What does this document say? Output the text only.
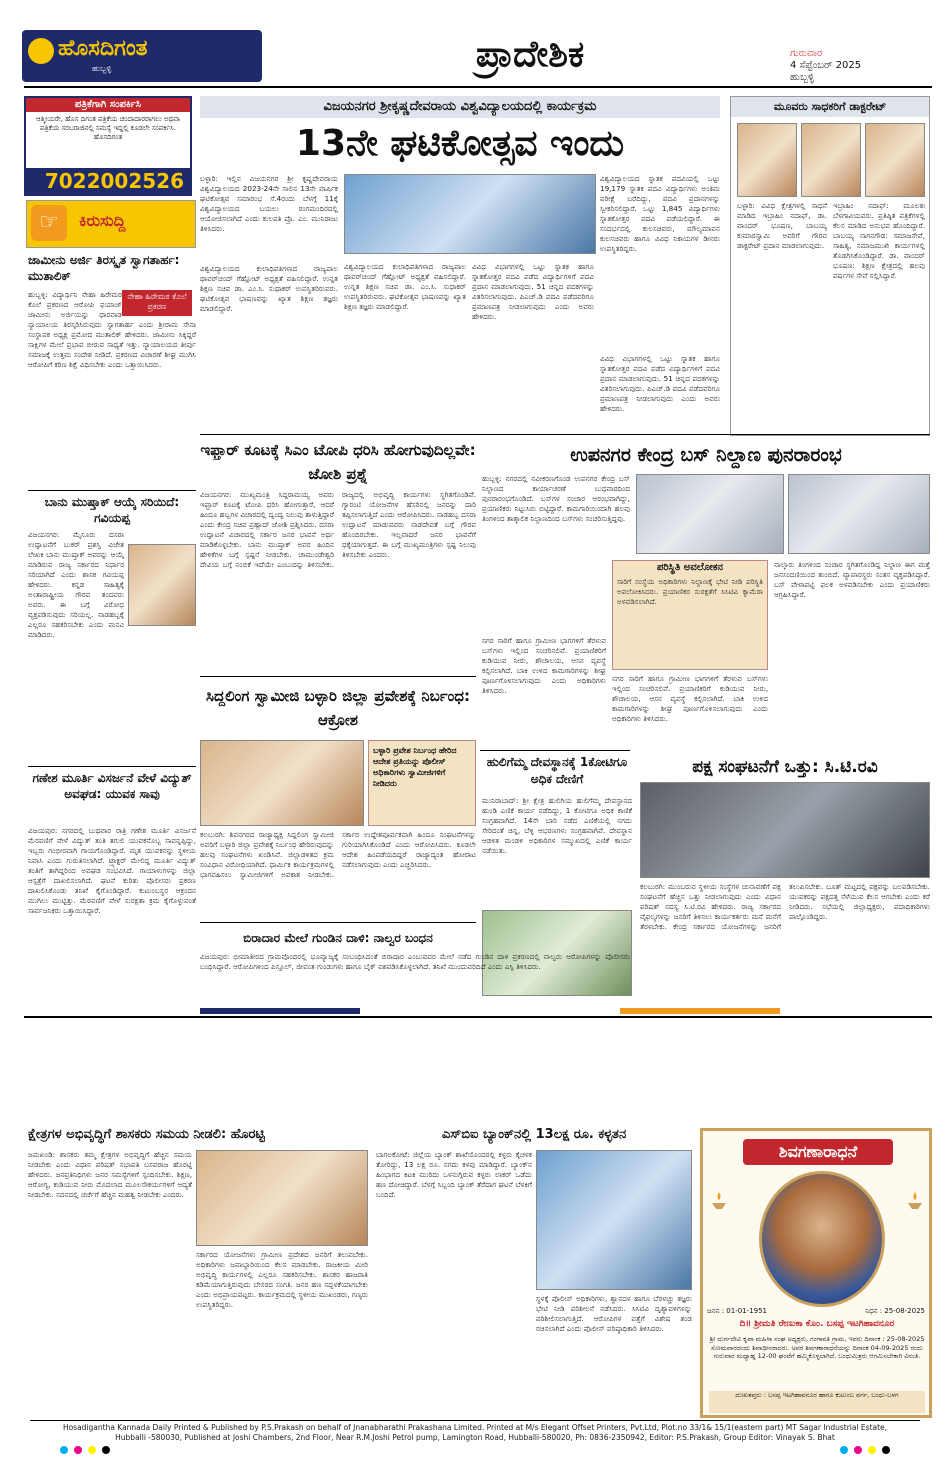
ಹೊಸದಿಗಂತ
ಹುಬ್ಬಳ್ಳಿ	ಪ್ರಾದೇಶಿಕ	ಗುರುವಾರ
4 ಸೆಪ್ಟೆಂಬರ್ 2025
ಹುಬ್ಬಳ್ಳಿ
ಪತ್ರಿಕೆಗಾಗಿ ಸಂಪರ್ಕಿಸಿ
ಆತ್ಮೀಯರೇ, ಹೊಸ ದಿಗಂತ ಪತ್ರಿಕೆಯ ಚಂದಾದಾರರಾಗಲು ಅಥವಾ ಪತ್ರಿಕೆಯ ಸರಬರಾಜಿನಲ್ಲಿ ಸಮಸ್ಯೆ ಇದ್ದಲ್ಲಿ ಕೂಡಲೇ ಸಂಪರ್ಕಿಸಿ. ಹೊಸದಿಗಂತ
7022002526
☞	ಕಿರುಸುದ್ದಿ
ಜಾಮೀನು ಅರ್ಜಿ ತಿರಸ್ಕೃತ ಸ್ವಾಗತಾರ್ಹ: ಮುತಾಲಿಕ್
ನೇಹಾ ಹಿರೇಮಠ ಕೊಲೆ ಪ್ರಕರಣ
ಹುಬ್ಬಳ್ಳಿ: ವಿದ್ಯಾರ್ಥಿನಿ ನೇಹಾ ಹಿರೇಮಠ ಕೊಲೆ ಪ್ರಕರಣದ ಆರೋಪಿ ಫಯಾಜ್ ಜಾಮೀನು ಅರ್ಜಿಯನ್ನು ಧಾರವಾಡ ನ್ಯಾಯಾಲಯ ತಿರಸ್ಕರಿಸಿರುವುದು ಸ್ವಾಗತಾರ್ಹ ಎಂದು ಶ್ರೀರಾಮ ಸೇನಾ ಸಂಸ್ಥಾಪಕ ಅಧ್ಯಕ್ಷ ಪ್ರಮೋದ ಮುತಾಲಿಕ್ ಹೇಳಿದರು. ಜಾಮೀನು ಸಿಕ್ಕಿದ್ದರೆ ಸಾಕ್ಷಿಗಳ ಮೇಲೆ ಪ್ರಭಾವ ಬೀರುವ ಸಾಧ್ಯತೆ ಇತ್ತು. ನ್ಯಾಯಾಲಯದ ತೀರ್ಪು ಸಮಾಜಕ್ಕೆ ಉತ್ತಮ ಸಂದೇಶ ನೀಡಿದೆ. ಪ್ರಕರಣದ ವಿಚಾರಣೆ ಶೀಘ್ರ ಮುಗಿಸಿ ಆರೋಪಿಗೆ ಕಠಿಣ ಶಿಕ್ಷೆ ವಿಧಿಸಬೇಕು ಎಂದು ಒತ್ತಾಯಿಸಿದರು.
ಬಾನು ಮುಷ್ತಾಕ್ ಆಯ್ಕೆ ಸರಿಯಿದೆ: ಗವಿಯಪ್ಪ
ವಿಜಯನಗರ: ಮೈಸೂರು ದಸರಾ ಉದ್ಘಾಟನೆಗೆ ಬುಕರ್ ಪ್ರಶಸ್ತಿ ವಿಜೇತ ಲೇಖಕಿ ಬಾನು ಮುಷ್ತಾಕ್ ಅವರನ್ನು ಆಯ್ಕೆ ಮಾಡಿರುವ ರಾಜ್ಯ ಸರ್ಕಾರದ ನಿರ್ಧಾರ ಸರಿಯಾಗಿದೆ ಎಂದು ಶಾಸಕ ಗವಿಯಪ್ಪ ಹೇಳಿದರು. ಕನ್ನಡ ಸಾಹಿತ್ಯಕ್ಕೆ ಅಂತಾರಾಷ್ಟ್ರೀಯ ಗೌರವ ತಂದವರು ಅವರು. ಈ ಬಗ್ಗೆ ವಿರೋಧ ವ್ಯಕ್ತಪಡಿಸುವುದು ಸರಿಯಲ್ಲ. ನಾಡಹಬ್ಬಕ್ಕೆ ಎಲ್ಲರೂ ಸಹಕರಿಸಬೇಕು ಎಂದು ಮನವಿ ಮಾಡಿದರು.
ಗಣೇಶ ಮೂರ್ತಿ ವಿಸರ್ಜನೆ ವೇಳೆ ವಿದ್ಯುತ್ ಅವಘಡ: ಯುವಕ ಸಾವು
ವಿಜಯಪುರ: ನಗರದಲ್ಲಿ ಬುಧವಾರ ರಾತ್ರಿ ಗಣೇಶ ಮೂರ್ತಿ ವಿಸರ್ಜನೆ ಮೆರವಣಿಗೆ ವೇಳೆ ವಿದ್ಯುತ್ ತಂತಿ ತಗುಲಿ ಯುವಕನೊಬ್ಬ ಸಾವನ್ನಪ್ಪಿದ್ದು, ಇಬ್ಬರು ಗಂಭೀರವಾಗಿ ಗಾಯಗೊಂಡಿದ್ದಾರೆ. ಮೃತ ಯುವಕನನ್ನು ಸ್ಥಳೀಯ ನಿವಾಸಿ ಎಂದು ಗುರುತಿಸಲಾಗಿದೆ. ಟ್ರ್ಯಾಕ್ಟರ್ ಮೇಲಿದ್ದ ಮೂರ್ತಿ ವಿದ್ಯುತ್ ತಂತಿಗೆ ತಾಗಿದ್ದರಿಂದ ಅವಘಡ ಸಂಭವಿಸಿದೆ. ಗಾಯಾಳುಗಳನ್ನು ಜಿಲ್ಲಾ ಆಸ್ಪತ್ರೆಗೆ ದಾಖಲಿಸಲಾಗಿದೆ. ಘಟನೆ ಕುರಿತು ಪೊಲೀಸರು ಪ್ರಕರಣ ದಾಖಲಿಸಿಕೊಂಡು ತನಿಖೆ ಕೈಗೊಂಡಿದ್ದಾರೆ. ಕುಟುಂಬಸ್ಥರ ಆಕ್ರಂದನ ಮುಗಿಲು ಮುಟ್ಟಿತ್ತು. ಮೆರವಣಿಗೆ ವೇಳೆ ಸುರಕ್ಷತಾ ಕ್ರಮ ಕೈಗೊಳ್ಳುವಂತೆ ಸಾರ್ವಜನಿಕರು ಒತ್ತಾಯಿಸಿದ್ದಾರೆ.
ವಿಜಯನಗರ ಶ್ರೀಕೃಷ್ಣದೇವರಾಯ ವಿಶ್ವವಿದ್ಯಾಲಯದಲ್ಲಿ ಕಾರ್ಯಕ್ರಮ
13ನೇ ಘಟಿಕೋತ್ಸವ ಇಂದು
ಬಳ್ಳಾರಿ: ಇಲ್ಲಿನ ವಿಜಯನಗರ ಶ್ರೀ ಕೃಷ್ಣದೇವರಾಯ ವಿಶ್ವವಿದ್ಯಾಲಯದ 2023-24ನೇ ಸಾಲಿನ 13ನೇ ವಾರ್ಷಿಕ ಘಟಿಕೋತ್ಸವ ಸಮಾರಂಭ ಸೆ.4ರಂದು ಬೆಳಗ್ಗೆ 11ಕ್ಕೆ ವಿಶ್ವವಿದ್ಯಾಲಯದ ಬಯಲು ರಂಗಮಂದಿರದಲ್ಲಿ ಆಯೋಜಿಸಲಾಗಿದೆ ಎಂದು ಕುಲಪತಿ ಪ್ರೊ. ಎಂ. ಮುನಿರಾಜು ತಿಳಿಸಿದರು.
ವಿಶ್ವವಿದ್ಯಾಲಯದ ಸ್ನಾತಕ ಪದವಿಯಲ್ಲಿ ಒಟ್ಟು 19,179 ಸ್ನಾತಕ ಪದವಿ ವಿದ್ಯಾರ್ಥಿಗಳು ಅಂತಿಮ ಪರೀಕ್ಷೆ ಬರೆದಿದ್ದು, ಪದವಿ ಪ್ರದಾನಗಳನ್ನು ಸ್ವೀಕರಿಸಲಿದ್ದಾರೆ. ಒಟ್ಟು 1,845 ವಿದ್ಯಾರ್ಥಿಗಳು ಸ್ನಾತಕೋತ್ತರ ಪದವಿ ಪಡೆಯಲಿದ್ದಾರೆ. ಈ ಸಂದರ್ಭದಲ್ಲಿ ಕುಲಸಚಿವರು, ಮೌಲ್ಯಮಾಪನ ಕುಲಸಚಿವರು ಹಾಗೂ ವಿವಿಧ ನಿಕಾಯಗಳ ಡೀನರು ಉಪಸ್ಥಿತರಿದ್ದರು.
ವಿಶ್ವವಿದ್ಯಾಲಯದ ಕುಲಾಧಿಪತಿಗಳಾದ ರಾಜ್ಯಪಾಲ ಥಾವರ್‌ಚಂದ್ ಗೆಹ್ಲೋಟ್ ಅಧ್ಯಕ್ಷತೆ ವಹಿಸಲಿದ್ದಾರೆ. ಉನ್ನತ ಶಿಕ್ಷಣ ಸಚಿವ ಡಾ. ಎಂ.ಸಿ. ಸುಧಾಕರ್ ಉಪಸ್ಥಿತರಿರುವರು. ಘಟಿಕೋತ್ಸವ ಭಾಷಣವನ್ನು ಖ್ಯಾತ ಶಿಕ್ಷಣ ತಜ್ಞರು ಮಾಡಲಿದ್ದಾರೆ.
ವಿಶ್ವವಿದ್ಯಾಲಯದ ಕುಲಾಧಿಪತಿಗಳಾದ ರಾಜ್ಯಪಾಲ ಥಾವರ್‌ಚಂದ್ ಗೆಹ್ಲೋಟ್ ಅಧ್ಯಕ್ಷತೆ ವಹಿಸಲಿದ್ದಾರೆ. ಉನ್ನತ ಶಿಕ್ಷಣ ಸಚಿವ ಡಾ. ಎಂ.ಸಿ. ಸುಧಾಕರ್ ಉಪಸ್ಥಿತರಿರುವರು. ಘಟಿಕೋತ್ಸವ ಭಾಷಣವನ್ನು ಖ್ಯಾತ ಶಿಕ್ಷಣ ತಜ್ಞರು ಮಾಡಲಿದ್ದಾರೆ.
ವಿವಿಧ ವಿಭಾಗಗಳಲ್ಲಿ ಒಟ್ಟು ಸ್ನಾತಕ ಹಾಗೂ ಸ್ನಾತಕೋತ್ತರ ಪದವಿ ಪಡೆದ ವಿದ್ಯಾರ್ಥಿಗಳಿಗೆ ಪದವಿ ಪ್ರದಾನ ಮಾಡಲಾಗುವುದು. 51 ಚಿನ್ನದ ಪದಕಗಳನ್ನು ವಿತರಿಸಲಾಗುವುದು. ಪಿಎಚ್.ಡಿ ಪದವಿ ಪಡೆದವರಿಗೂ ಪ್ರಮಾಣಪತ್ರ ನೀಡಲಾಗುವುದು ಎಂದು ಅವರು ಹೇಳಿದರು.
ವಿವಿಧ ವಿಭಾಗಗಳಲ್ಲಿ ಒಟ್ಟು ಸ್ನಾತಕ ಹಾಗೂ ಸ್ನಾತಕೋತ್ತರ ಪದವಿ ಪಡೆದ ವಿದ್ಯಾರ್ಥಿಗಳಿಗೆ ಪದವಿ ಪ್ರದಾನ ಮಾಡಲಾಗುವುದು. 51 ಚಿನ್ನದ ಪದಕಗಳನ್ನು ವಿತರಿಸಲಾಗುವುದು. ಪಿಎಚ್.ಡಿ ಪದವಿ ಪಡೆದವರಿಗೂ ಪ್ರಮಾಣಪತ್ರ ನೀಡಲಾಗುವುದು ಎಂದು ಅವರು ಹೇಳಿದರು.
ಮೂವರು ಸಾಧಕರಿಗೆ ಡಾಕ್ಟರೇಟ್
ಬಳ್ಳಾರಿ: ವಿವಿಧ ಕ್ಷೇತ್ರಗಳಲ್ಲಿ ಸಾಧನೆ ಮಾಡಿದ ಇಬ್ರಾಹಿಂ ನದಾಫ್, ಡಾ. ವಾಂದರ್ ಭೂಷಣ, ಬಾಬಯ್ಯ ಕುಮಾರಸ್ವಾಮಿ ಅವರಿಗೆ ಗೌರವ ಡಾಕ್ಟರೇಟ್ ಪ್ರದಾನ ಮಾಡಲಾಗುವುದು.
ಇಬ್ರಾಹಿಂ ನದಾಫ್: ಮೂಲತಃ ಬೆಳಗಾವಿಯವರು. ಪ್ರತಿಷ್ಠಿತ ಪತ್ರಿಕೆಗಳಲ್ಲಿ ಕೆಲಸ ಮಾಡಿದ ಅನುಭವ ಹೊಂದಿದ್ದಾರೆ. ಬಾಬಯ್ಯ ನಾಗನಗೌಡ: ಸಮಾಜಸೇವೆ, ಸಾಹಿತ್ಯ, ಸಮಾಜಮುಖಿ ಕಾರ್ಯಗಳಲ್ಲಿ ತೊಡಗಿಸಿಕೊಂಡಿದ್ದಾರೆ. ಡಾ. ವಾಂದರ್ ಭೂಷಣ: ಶಿಕ್ಷಣ ಕ್ಷೇತ್ರದಲ್ಲಿ ಹಲವು ವರ್ಷಗಳ ಸೇವೆ ಸಲ್ಲಿಸಿದ್ದಾರೆ.
ಇಫ್ತಾರ್ ಕೂಟಕ್ಕೆ ಸಿಎಂ ಟೋಪಿ ಧರಿಸಿ ಹೋಗುವುದಿಲ್ಲವೇ: ಜೋಶಿ ಪ್ರಶ್ನೆ
ವಿಜಯನಗರ: ಮುಖ್ಯಮಂತ್ರಿ ಸಿದ್ದರಾಮಯ್ಯ ಅವರು ಇಫ್ತಾರ್ ಕೂಟಕ್ಕೆ ಟೋಪಿ ಧರಿಸಿ ಹೋಗುತ್ತಾರೆ, ಆದರೆ ಹಿಂದೂ ಹಬ್ಬಗಳ ವಿಚಾರದಲ್ಲಿ ದ್ವಂದ್ವ ನಿಲುವು ತಾಳುತ್ತಿದ್ದಾರೆ ಎಂದು ಕೇಂದ್ರ ಸಚಿವ ಪ್ರಹ್ಲಾದ್ ಜೋಶಿ ಪ್ರಶ್ನಿಸಿದರು. ದಸರಾ ಉದ್ಘಾಟನೆ ವಿಚಾರದಲ್ಲಿ ಸರ್ಕಾರ ಜನರ ಭಾವನೆ ಅರ್ಥ ಮಾಡಿಕೊಳ್ಳಬೇಕು. ಬಾನು ಮುಷ್ತಾಕ್ ಅವರ ಹಿಂದಿನ ಹೇಳಿಕೆಗಳ ಬಗ್ಗೆ ಸ್ಪಷ್ಟನೆ ನೀಡಬೇಕು. ಚಾಮುಂಡೇಶ್ವರಿ ದೇವಿಯ ಬಗ್ಗೆ ನಂಬಿಕೆ ಇದೆಯೇ ಎಂಬುದನ್ನು ತಿಳಿಸಬೇಕು. ರಾಜ್ಯದಲ್ಲಿ ಅಭಿವೃದ್ಧಿ ಕಾರ್ಯಗಳು ಸ್ಥಗಿತಗೊಂಡಿವೆ. ಗ್ಯಾರಂಟಿ ಯೋಜನೆಗಳ ಹೆಸರಿನಲ್ಲಿ ಜನರನ್ನು ದಾರಿ ತಪ್ಪಿಸಲಾಗುತ್ತಿದೆ ಎಂದು ಆರೋಪಿಸಿದರು. ನಾಡಹಬ್ಬ ದಸರಾ ಉದ್ಘಾಟನೆ ಮಾಡುವವರು ನಾಡದೇವತೆ ಬಗ್ಗೆ ಗೌರವ ಹೊಂದಿರಬೇಕು. ಇಲ್ಲವಾದರೆ ಜನರ ಭಾವನೆಗೆ ಧಕ್ಕೆಯಾಗುತ್ತದೆ. ಈ ಬಗ್ಗೆ ಮುಖ್ಯಮಂತ್ರಿಗಳು ಸ್ಪಷ್ಟ ನಿಲುವು ತಿಳಿಸಬೇಕು ಎಂದರು.
ಉಪನಗರ ಕೇಂದ್ರ ಬಸ್ ನಿಲ್ದಾಣ ಪುನರಾರಂಭ
ಹುಬ್ಬಳ್ಳಿ: ನಗರದಲ್ಲಿ ನವೀಕರಣಗೊಂಡ ಉಪನಗರ ಕೇಂದ್ರ ಬಸ್ ನಿಲ್ದಾಣದ ಕಾರ್ಯಾಚರಣೆ ಬುಧವಾರದಿಂದ ಪುನರಾರಂಭಗೊಂಡಿದೆ. ಬಸ್‌ಗಳ ಸಂಚಾರ ಆರಂಭವಾಗಿದ್ದು, ಪ್ರಯಾಣಿಕರು ನಿಟ್ಟುಸಿರು ಬಿಟ್ಟಿದ್ದಾರೆ. ಕಾಮಗಾರಿಯಿಂದಾಗಿ ಹಲವು ತಿಂಗಳಿಂದ ತಾತ್ಕಾಲಿಕ ನಿಲ್ದಾಣದಿಂದ ಬಸ್‌ಗಳು ಸಂಚರಿಸುತ್ತಿದ್ದವು.
ಪರಿಸ್ಥಿತಿ ಅವಲೋಕನ
ಸಾರಿಗೆ ಸಂಸ್ಥೆಯ ಅಧಿಕಾರಿಗಳು ನಿಲ್ದಾಣಕ್ಕೆ ಭೇಟಿ ನೀಡಿ ಪರಿಸ್ಥಿತಿ ಅವಲೋಕಿಸಿದರು. ಪ್ರಯಾಣಿಕರ ಸುರಕ್ಷತೆಗೆ ಸಿಸಿಟಿವಿ ಕ್ಯಾಮೆರಾ ಅಳವಡಿಸಲಾಗಿದೆ.
ನಗರ ಸಾರಿಗೆ ಹಾಗೂ ಗ್ರಾಮೀಣ ಭಾಗಗಳಿಗೆ ತೆರಳುವ ಬಸ್‌ಗಳು ಇಲ್ಲಿಂದ ಸಂಚರಿಸಲಿವೆ. ಪ್ರಯಾಣಿಕರಿಗೆ ಕುಡಿಯುವ ನೀರು, ಶೌಚಾಲಯ, ಆಸನ ವ್ಯವಸ್ಥೆ ಕಲ್ಪಿಸಲಾಗಿದೆ. ಬಾಕಿ ಉಳಿದ ಕಾಮಗಾರಿಗಳನ್ನು ಶೀಘ್ರ ಪೂರ್ಣಗೊಳಿಸಲಾಗುವುದು ಎಂದು ಅಧಿಕಾರಿಗಳು ತಿಳಿಸಿದರು.
ನಗರ ಸಾರಿಗೆ ಹಾಗೂ ಗ್ರಾಮೀಣ ಭಾಗಗಳಿಗೆ ತೆರಳುವ ಬಸ್‌ಗಳು ಇಲ್ಲಿಂದ ಸಂಚರಿಸಲಿವೆ. ಪ್ರಯಾಣಿಕರಿಗೆ ಕುಡಿಯುವ ನೀರು, ಶೌಚಾಲಯ, ಆಸನ ವ್ಯವಸ್ಥೆ ಕಲ್ಪಿಸಲಾಗಿದೆ. ಬಾಕಿ ಉಳಿದ ಕಾಮಗಾರಿಗಳನ್ನು ಶೀಘ್ರ ಪೂರ್ಣಗೊಳಿಸಲಾಗುವುದು ಎಂದು ಅಧಿಕಾರಿಗಳು ತಿಳಿಸಿದರು.
ನಾಲ್ಕಾರು ತಿಂಗಳಿಂದ ಸಂಚಾರ ಸ್ಥಗಿತಗೊಂಡಿದ್ದ ನಿಲ್ದಾಣ ಈಗ ಮತ್ತೆ ಜನಸಂದಣಿಯಿಂದ ತುಂಬಿದೆ. ವ್ಯಾಪಾರಸ್ಥರು ಸಂತಸ ವ್ಯಕ್ತಪಡಿಸಿದ್ದಾರೆ. ಬಸ್ ವೇಳಾಪಟ್ಟಿ ಫಲಕ ಅಳವಡಿಸಬೇಕು ಎಂದು ಪ್ರಯಾಣಿಕರು ಆಗ್ರಹಿಸಿದ್ದಾರೆ.
ಸಿದ್ದಲಿಂಗ ಸ್ವಾಮೀಜಿ ಬಳ್ಳಾರಿ ಜಿಲ್ಲಾ ಪ್ರವೇಶಕ್ಕೆ ನಿರ್ಬಂಧ: ಆಕ್ರೋಶ
ಬಳ್ಳಾರಿ ಪ್ರವೇಶ ನಿರ್ಬಂಧ ಹೇರಿದ ಆದೇಶ ಪ್ರತಿಯನ್ನು ಪೊಲೀಸ್ ಅಧಿಕಾರಿಗಳು ಸ್ವಾಮೀಜಿಗಳಿಗೆ ನೀಡಿದರು
ಕಲಬುರಗಿ: ಶಿವನಗರದ ರಾಜ್ಯಾಧ್ಯಕ್ಷ ಸಿದ್ದಲಿಂಗ ಸ್ವಾಮೀಜಿ ಅವರಿಗೆ ಬಳ್ಳಾರಿ ಜಿಲ್ಲಾ ಪ್ರವೇಶಕ್ಕೆ ನಿರ್ಬಂಧ ಹೇರಿರುವುದನ್ನು ಹಲವು ಸಂಘಟನೆಗಳು ಖಂಡಿಸಿವೆ. ಜಿಲ್ಲಾಡಳಿತದ ಕ್ರಮ ಸಂವಿಧಾನ ವಿರೋಧಿಯಾಗಿದೆ. ಧಾರ್ಮಿಕ ಕಾರ್ಯಕ್ರಮಗಳಲ್ಲಿ ಭಾಗವಹಿಸಲು ಸ್ವಾಮೀಜಿಗಳಿಗೆ ಅವಕಾಶ ನೀಡಬೇಕು. ಸರ್ಕಾರ ಉದ್ದೇಶಪೂರ್ವಕವಾಗಿ ಹಿಂದೂ ಸಂಘಟನೆಗಳನ್ನು ಗುರಿಯಾಗಿಸಿಕೊಂಡಿದೆ ಎಂದು ಆರೋಪಿಸಿದರು. ಕೂಡಲೇ ಆದೇಶ ಹಿಂಪಡೆಯದಿದ್ದರೆ ರಾಜ್ಯಾದ್ಯಂತ ಹೋರಾಟ ನಡೆಸಲಾಗುವುದು ಎಂದು ಎಚ್ಚರಿಸಿದರು.
ಹುಲಿಗೆಮ್ಮ ದೇವಸ್ಥಾನಕ್ಕೆ 1ಕೋಟಿಗೂ ಅಧಿಕ ದೇಣಿಗೆ
ಮುನಿರಾಬಾದ್: ಶ್ರೀ ಕ್ಷೇತ್ರ ಹುಲಿಗಿಯ ಹುಲಿಗೆಮ್ಮ ದೇವಸ್ಥಾನದ ಹುಂಡಿ ಎಣಿಕೆ ಕಾರ್ಯ ನಡೆದಿದ್ದು, 1 ಕೋಟಿಗೂ ಅಧಿಕ ಕಾಣಿಕೆ ಸಂಗ್ರಹವಾಗಿದೆ. 14ನೇ ಬಾರಿ ನಡೆದ ಎಣಿಕೆಯಲ್ಲಿ ನಗದು ಸೇರಿದಂತೆ ಚಿನ್ನ, ಬೆಳ್ಳಿ ಆಭರಣಗಳು ಸಂಗ್ರಹವಾಗಿವೆ. ದೇವಸ್ಥಾನ ಆಡಳಿತ ಮಂಡಳಿ ಅಧಿಕಾರಿಗಳ ಸಮ್ಮುಖದಲ್ಲಿ ಎಣಿಕೆ ಕಾರ್ಯ ನಡೆಯಿತು.
ಪಕ್ಷ ಸಂಘಟನೆಗೆ ಒತ್ತು: ಸಿ.ಟಿ.ರವಿ
ಕಲಬುರಗಿ: ಮುಂಬರುವ ಸ್ಥಳೀಯ ಸಂಸ್ಥೆಗಳ ಚುನಾವಣೆಗೆ ಪಕ್ಷ ಸಂಘಟನೆಗೆ ಹೆಚ್ಚಿನ ಒತ್ತು ನೀಡಲಾಗುವುದು ಎಂದು ವಿಧಾನ ಪರಿಷತ್ ಸದಸ್ಯ ಸಿ.ಟಿ.ರವಿ ಹೇಳಿದರು. ರಾಜ್ಯ ಸರ್ಕಾರದ ವೈಫಲ್ಯಗಳನ್ನು ಜನರಿಗೆ ತಿಳಿಸಲು ಕಾರ್ಯಕರ್ತರು ಮನೆ ಮನೆಗೆ ತೆರಳಬೇಕು. ಕೇಂದ್ರ ಸರ್ಕಾರದ ಯೋಜನೆಗಳನ್ನು ಜನರಿಗೆ ತಲುಪಿಸಬೇಕು. ಬೂತ್ ಮಟ್ಟದಲ್ಲಿ ಪಕ್ಷವನ್ನು ಬಲಪಡಿಸಬೇಕು. ಯುವಕರನ್ನು ಪಕ್ಷದತ್ತ ಸೆಳೆಯುವ ಕೆಲಸ ಆಗಬೇಕು ಎಂದು ಕರೆ ನೀಡಿದರು. ಸಭೆಯಲ್ಲಿ ಜಿಲ್ಲಾಧ್ಯಕ್ಷರು, ಪದಾಧಿಕಾರಿಗಳು ಪಾಲ್ಗೊಂಡಿದ್ದರು.
ಬಿರಾದಾರ ಮೇಲೆ ಗುಂಡಿನ ದಾಳಿ: ನಾಲ್ವರ ಬಂಧನ
ವಿಜಯಪುರ: ಭೀಮಾತೀರದ ಗ್ರಾಮವೊಂದರಲ್ಲಿ ಭೂವ್ಯಾಜ್ಯಕ್ಕೆ ಸಂಬಂಧಿಸಿದಂತೆ ಬಿರಾದಾರ ಎಂಬುವವರ ಮೇಲೆ ನಡೆದ ಗುಂಡಿನ ದಾಳಿ ಪ್ರಕರಣದಲ್ಲಿ ನಾಲ್ವರು ಆರೋಪಿಗಳನ್ನು ಪೊಲೀಸರು ಬಂಧಿಸಿದ್ದಾರೆ. ಆರೋಪಿಗಳಿಂದ ಪಿಸ್ತೂಲ್, ಜೀವಂತ ಗುಂಡುಗಳು ಹಾಗೂ ಬೈಕ್ ವಶಪಡಿಸಿಕೊಳ್ಳಲಾಗಿದೆ. ತನಿಖೆ ಮುಂದುವರಿದಿದೆ ಎಂದು ಎಸ್ಪಿ ತಿಳಿಸಿದರು.
ಕ್ಷೇತ್ರಗಳ ಅಭಿವೃದ್ಧಿಗೆ ಶಾಸಕರು ಸಮಯ ನೀಡಲಿ: ಹೊರಟ್ಟಿ
ಜಮಖಂಡಿ: ಶಾಸಕರು ತಮ್ಮ ಕ್ಷೇತ್ರಗಳ ಅಭಿವೃದ್ಧಿಗೆ ಹೆಚ್ಚಿನ ಸಮಯ ನೀಡಬೇಕು ಎಂದು ವಿಧಾನ ಪರಿಷತ್ ಸಭಾಪತಿ ಬಸವರಾಜ ಹೊರಟ್ಟಿ ಹೇಳಿದರು. ಜನಪ್ರತಿನಿಧಿಗಳು ಜನರ ಸಮಸ್ಯೆಗಳಿಗೆ ಸ್ಪಂದಿಸಬೇಕು. ಶಿಕ್ಷಣ, ಆರೋಗ್ಯ, ಕುಡಿಯುವ ನೀರು ಮೊದಲಾದ ಮೂಲಸೌಕರ್ಯಗಳಿಗೆ ಆದ್ಯತೆ ನೀಡಬೇಕು. ಸದನದಲ್ಲಿ ಚರ್ಚೆಗೆ ಹೆಚ್ಚಿನ ಮಹತ್ವ ನೀಡಬೇಕು ಎಂದರು.
ಸರ್ಕಾರದ ಯೋಜನೆಗಳು ಗ್ರಾಮೀಣ ಪ್ರದೇಶದ ಜನರಿಗೆ ತಲುಪಬೇಕು. ಅಧಿಕಾರಿಗಳು ಜವಾಬ್ದಾರಿಯಿಂದ ಕೆಲಸ ಮಾಡಬೇಕು. ರಾಜಕೀಯ ಮೀರಿ ಅಭಿವೃದ್ಧಿ ಕಾರ್ಯಗಳಲ್ಲಿ ಎಲ್ಲರೂ ಸಹಕರಿಸಬೇಕು. ಶಾಸಕರ ಹಾಜರಾತಿ ಕಡಿಮೆಯಾಗುತ್ತಿರುವುದು ಬೇಸರದ ಸಂಗತಿ. ಜನರ ಹಣ ಸದ್ಬಳಕೆಯಾಗಬೇಕು ಎಂದು ಅಭಿಪ್ರಾಯಪಟ್ಟರು. ಕಾರ್ಯಕ್ರಮದಲ್ಲಿ ಸ್ಥಳೀಯ ಮುಖಂಡರು, ಗಣ್ಯರು ಉಪಸ್ಥಿತರಿದ್ದರು.
ಎಸ್‌ಬಿಐ ಬ್ಯಾಂಕ್‌ನಲ್ಲಿ 13ಲಕ್ಷ ರೂ. ಕಳ್ಳತನ
ಬಾಗಲಕೋಟೆ: ಜಿಲ್ಲೆಯ ಬ್ಯಾಂಕ್ ಶಾಖೆಯೊಂದರಲ್ಲಿ ಕಳ್ಳರು ಕೈಚಳಕ ತೋರಿದ್ದು, 13 ಲಕ್ಷ ರೂ. ನಗದು ಕಳವು ಮಾಡಿದ್ದಾರೆ. ಬ್ಯಾಂಕ್‌ನ ಹಿಂಭಾಗದ ಕಿಟಕಿ ಮುರಿದು ಒಳನುಗ್ಗಿರುವ ಕಳ್ಳರು ಲಾಕರ್ ಒಡೆದು ಹಣ ದೋಚಿದ್ದಾರೆ. ಬೆಳಗ್ಗೆ ಸಿಬ್ಬಂದಿ ಬ್ಯಾಂಕ್ ತೆರೆದಾಗ ಘಟನೆ ಬೆಳಕಿಗೆ ಬಂದಿದೆ.
ಸ್ಥಳಕ್ಕೆ ಪೊಲೀಸ್ ಅಧಿಕಾರಿಗಳು, ಶ್ವಾನದಳ ಹಾಗೂ ಬೆರಳಚ್ಚು ತಜ್ಞರು ಭೇಟಿ ನೀಡಿ ಪರಿಶೀಲನೆ ನಡೆಸಿದರು. ಸಿಸಿಟಿವಿ ದೃಶ್ಯಾವಳಿಗಳನ್ನು ಪರಿಶೀಲಿಸಲಾಗುತ್ತಿದೆ. ಆರೋಪಿಗಳ ಪತ್ತೆಗೆ ವಿಶೇಷ ತಂಡ ರಚಿಸಲಾಗಿದೆ ಎಂದು ಪೊಲೀಸ್ ವರಿಷ್ಠಾಧಿಕಾರಿ ತಿಳಿಸಿದರು.
ಶಿವಗಣಾರಾಧನೆ
ಜನನ : 01-01-1951	ನಿಧನ : 25-08-2025
ದಿ॥ ಶ್ರೀಮತಿ ರೇಣುಕಾ ಕೊಂ. ಬಸಪ್ಪ ಇಟಗಿಹಾವನೂರ
ಶ್ರೀ ದುರ್ಗದೇವಿ ಕೃಪಾ ಮಹಿಳಾ ಸಂಘ ಅಧ್ಯಕ್ಷರು, ಗಂಗಾವತಿ ಗ್ರಾಮ, ಇವರು ದಿನಾಂಕ : 25-08-2025 ಸೋಮವಾರದಂದು ಶಿವಾಧೀನರಾದರು. ಅವರ ಶಿವಗಣಾರಾಧನೆಯನ್ನು ದಿನಾಂಕ 04-09-2025 ರಂದು ಗುರುವಾರ ಮಧ್ಯಾಹ್ನ 12-00 ಘಂಟೆಗೆ ಹಮ್ಮಿಕೊಳ್ಳಲಾಗಿದೆ. ಬಂಧುಮಿತ್ರರು ಆಗಮಿಸಬೇಕಾಗಿ ವಿನಂತಿ.
ದುಃಖತಪ್ತರು : ಬಸಪ್ಪ ಇಟಗಿಹಾವನೂರ ಹಾಗೂ ಕುಟುಂಬ ವರ್ಗ, ಬಂಧು-ಬಳಗ
Hosadigantha Kannada Daily Printed & Published by P.S.Prakash on behalf of Jnanabharathi Prakashana Limited. Printed at M/s Elegant Offset Printers, Pvt.Ltd, Plot.no 33/1& 15/1(eastern part) MT Sagar Industrial Estate,
Hubballi -580030, Published at Joshi Chambers, 2nd Floor, Near R.M.Joshi Petrol pump, Lamington Road, Hubballi-580020, Ph: 0836-2350942, Editor: P.S.Prakash, Group Editor: Vinayak S. Bhat
